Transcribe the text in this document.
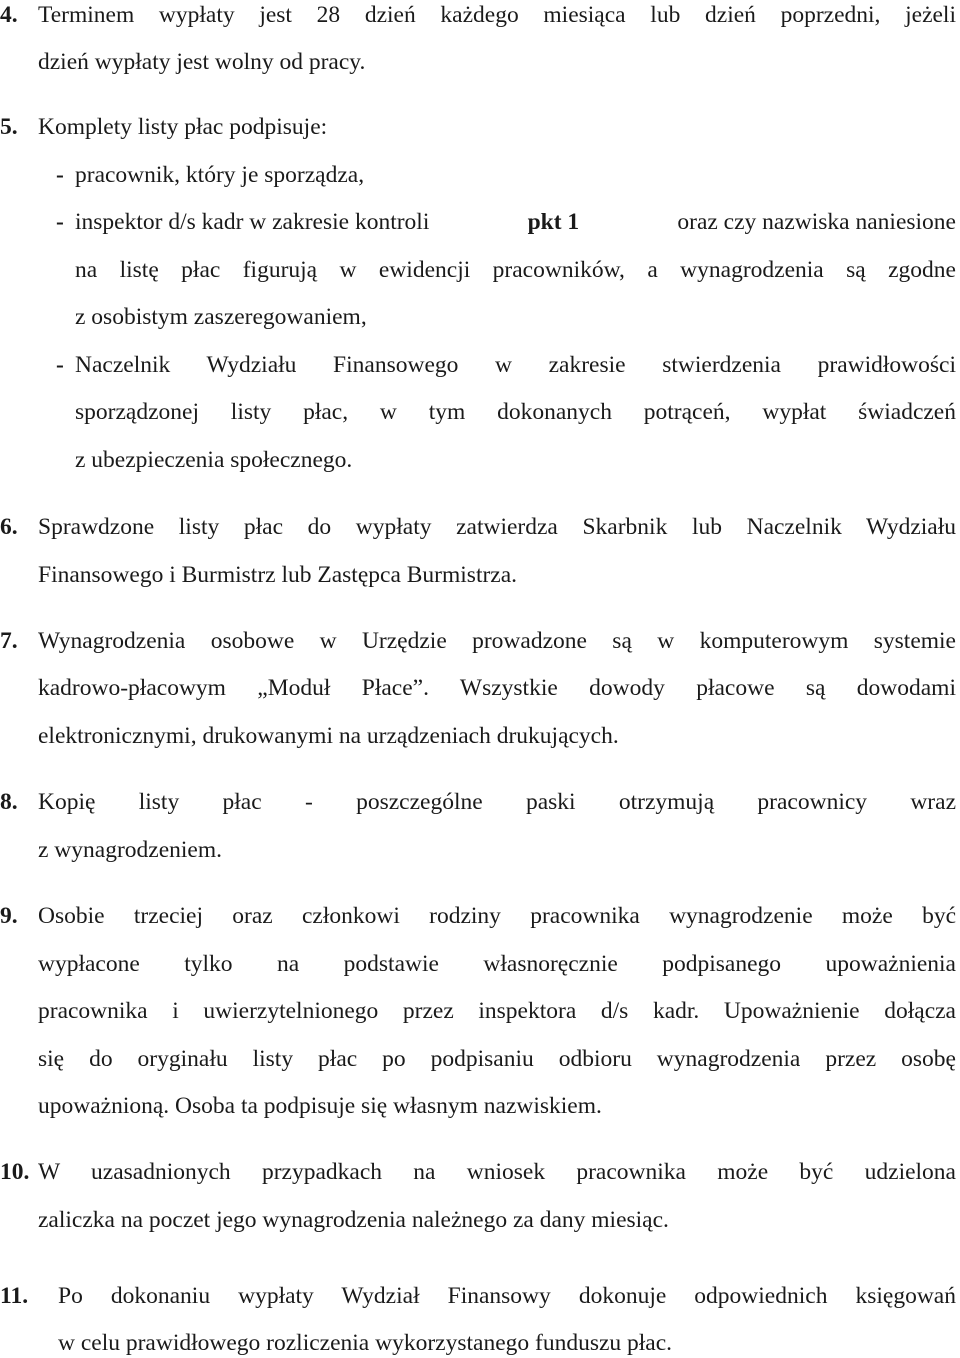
4. Terminem wypłaty jest 28 dzień każdego miesiąca lub dzień poprzedni, jeżeli
dzień wypłaty jest wolny od pracy.
5. Komplety listy płac podpisuje:
- pracownik, który je sporządza,
- inspektor d/s kadr w zakresie kontroli	pkt 1	oraz czy nazwiska naniesione
na listę płac figurują w ewidencji pracowników, a wynagrodzenia są zgodne
z osobistym zaszeregowaniem,
- Naczelnik Wydziału Finansowego w zakresie stwierdzenia prawidłowości
sporządzonej listy płac, w tym dokonanych potrąceń, wypłat świadczeń
z ubezpieczenia społecznego.
6. Sprawdzone listy płac do wypłaty zatwierdza Skarbnik lub Naczelnik Wydziału
Finansowego i Burmistrz lub Zastępca Burmistrza.
7. Wynagrodzenia osobowe w Urzędzie prowadzone są w komputerowym systemie
kadrowo-płacowym „Moduł Płace”. Wszystkie dowody płacowe są dowodami
elektronicznymi, drukowanymi na urządzeniach drukujących.
8. Kopię listy płac - poszczególne paski otrzymują pracownicy wraz
z wynagrodzeniem.
9. Osobie trzeciej oraz członkowi rodziny pracownika wynagrodzenie może być
wypłacone tylko na podstawie własnoręcznie podpisanego upoważnienia
pracownika i uwierzytelnionego przez inspektora d/s kadr. Upoważnienie dołącza
się do oryginału listy płac po podpisaniu odbioru wynagrodzenia przez osobę
upoważnioną. Osoba ta podpisuje się własnym nazwiskiem.
10. W uzasadnionych przypadkach na wniosek pracownika może być udzielona
zaliczka na poczet jego wynagrodzenia należnego za dany miesiąc.
11. Po dokonaniu wypłaty Wydział Finansowy dokonuje odpowiednich księgowań
w celu prawidłowego rozliczenia wykorzystanego funduszu płac.
